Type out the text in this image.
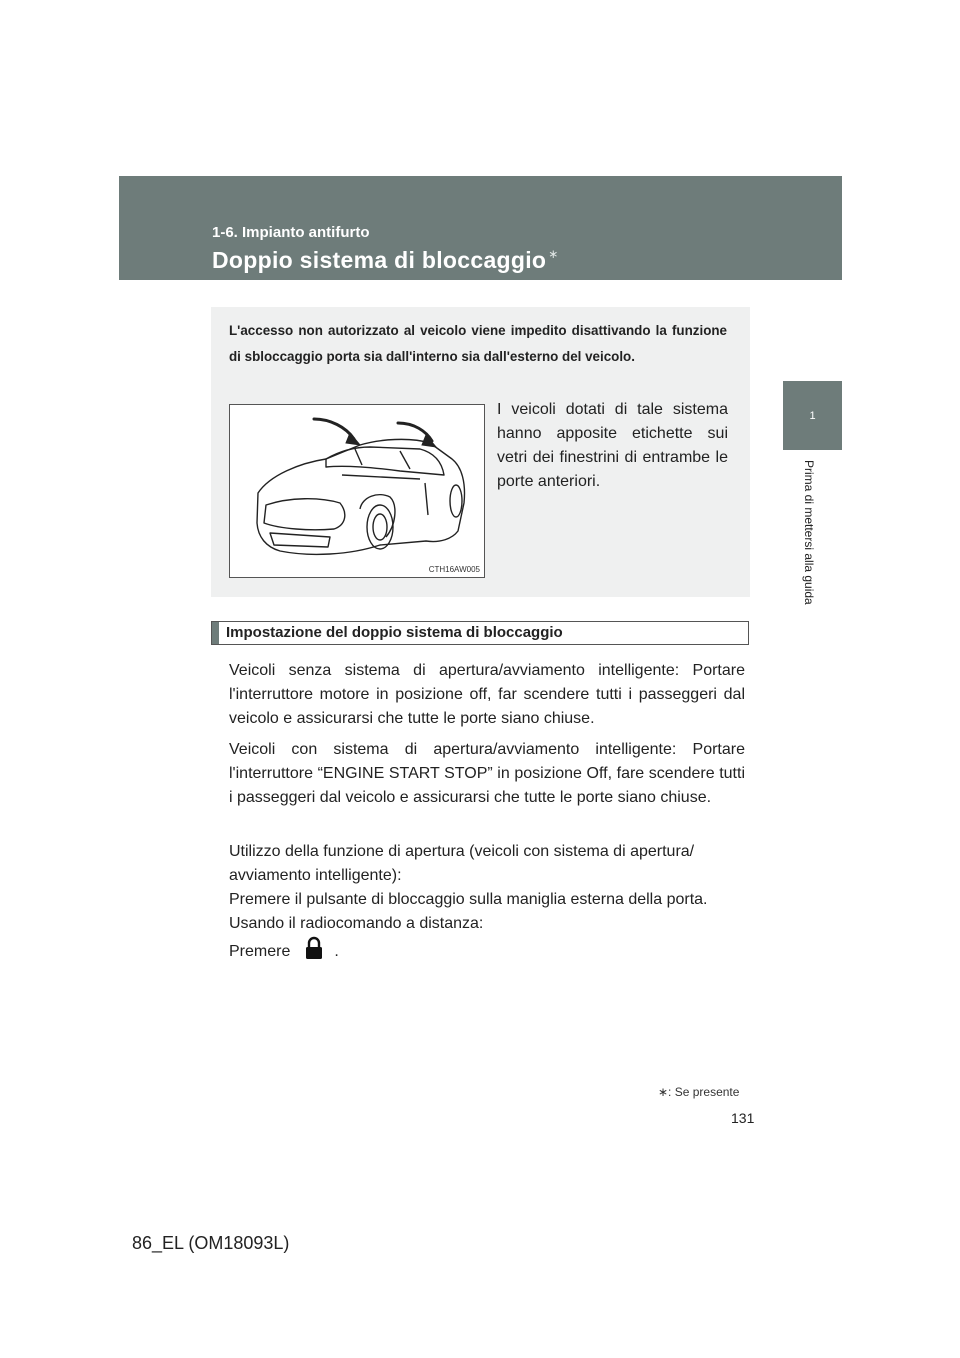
1-6. Impianto antifurto
Doppio sistema di bloccaggio ∗
1
Prima di mettersi alla guida
L'accesso non autorizzato al veicolo viene impedito disattivando la funzione di sbloccaggio porta sia dall'interno sia dall'esterno del veicolo.
CTH16AW005
I veicoli dotati di tale sistema hanno apposite etichette sui vetri dei finestrini di entrambe le porte anteriori.
Impostazione del doppio sistema di bloccaggio
Veicoli senza sistema di apertura/avviamento intelligente: Portare l'interruttore motore in posizione off, far scendere tutti i passeggeri dal veicolo e assicurarsi che tutte le porte siano chiuse.
Veicoli con sistema di apertura/avviamento intelligente: Portare l'interruttore “ENGINE START STOP” in posizione Off, fare scendere tutti i passeggeri dal veicolo e assicurarsi che tutte le porte siano chiuse.
Utilizzo della funzione di apertura (veicoli con sistema di apertura/ avviamento intelligente):
Premere il pulsante di bloccaggio sulla maniglia esterna della porta.
Usando il radiocomando a distanza:
Premere	.
∗: Se presente
131
86_EL (OM18093L)
